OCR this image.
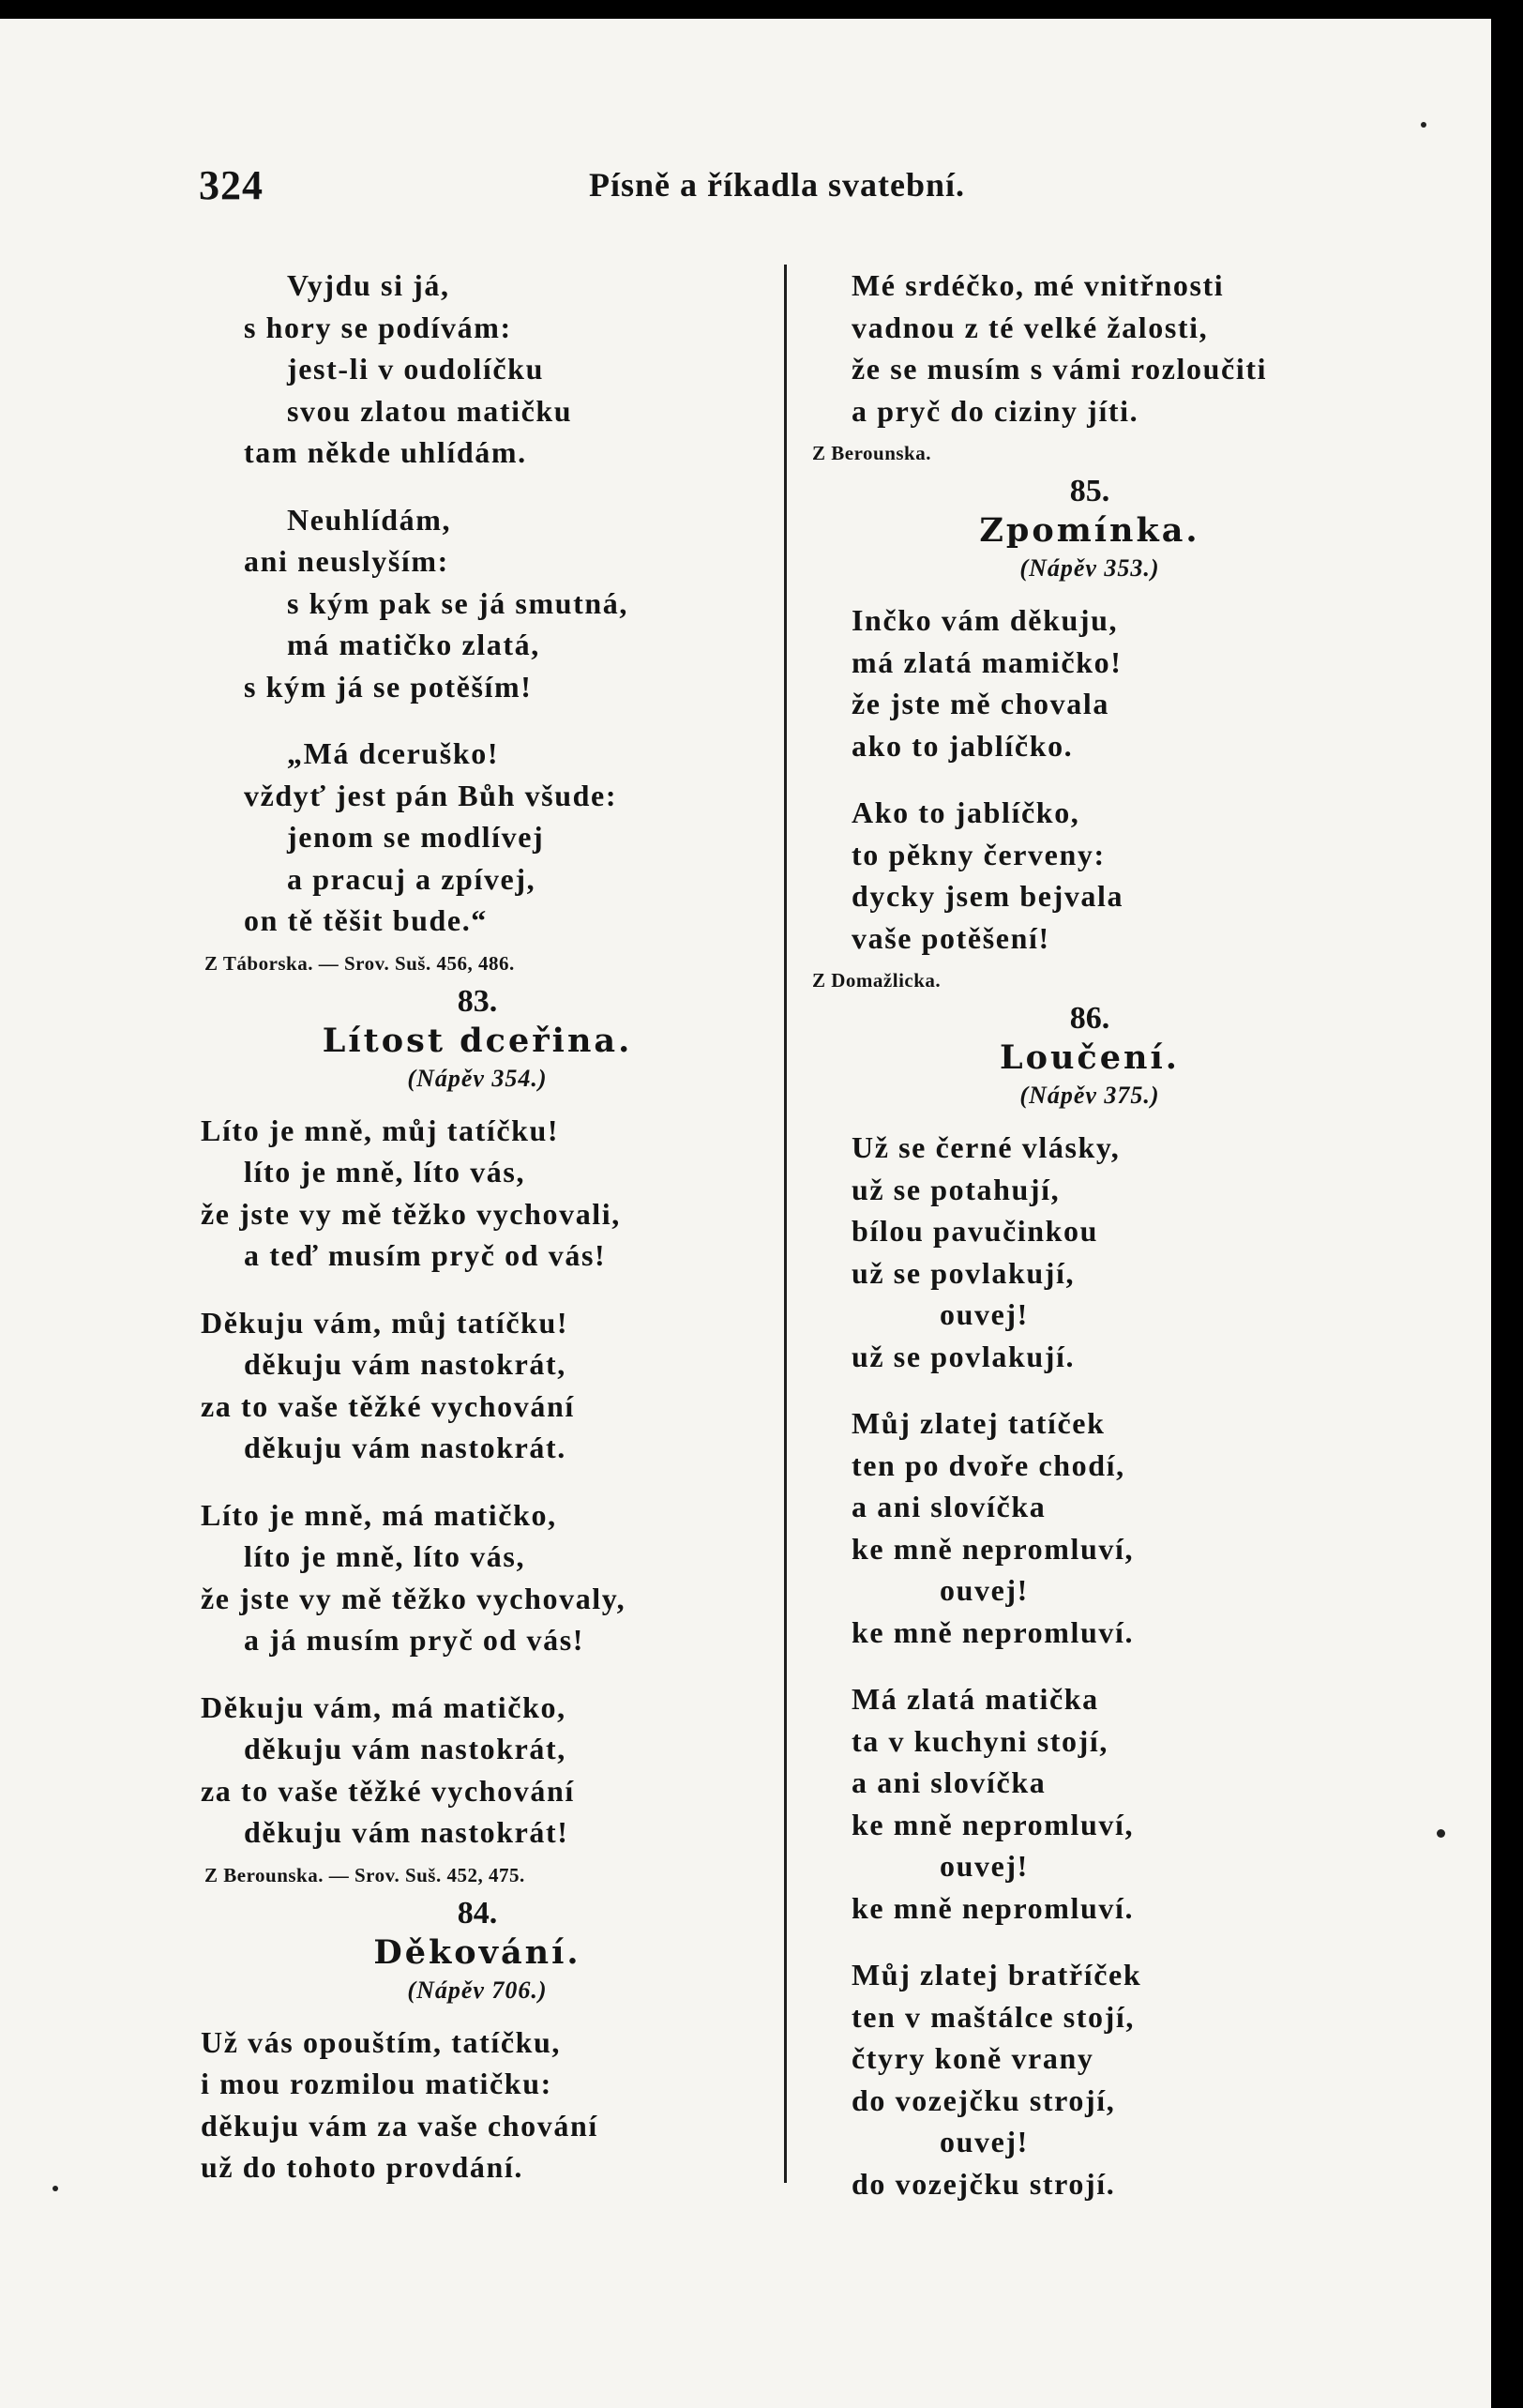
324	Písně a říkadla svatební.
Vyjdu si já,
s hory se podívám:
jest-li v oudolíčku
svou zlatou matičku
tam někde uhlídám.
Neuhlídám,
ani neuslyším:
s kým pak se já smutná,
má matičko zlatá,
s kým já se potěším!
„Má dceruško!
vždyť jest pán Bůh všude:
jenom se modlívej
a pracuj a zpívej,
on tě těšit bude.“
Z Táborska. — Srov. Suš. 456, 486.
83.
Lítost dceřina.
(Nápěv 354.)
Líto je mně, můj tatíčku!
líto je mně, líto vás,
že jste vy mě těžko vychovali,
a teď musím pryč od vás!
Děkuju vám, můj tatíčku!
děkuju vám nastokrát,
za to vaše těžké vychování
děkuju vám nastokrát.
Líto je mně, má matičko,
líto je mně, líto vás,
že jste vy mě těžko vychovaly,
a já musím pryč od vás!
Děkuju vám, má matičko,
děkuju vám nastokrát,
za to vaše těžké vychování
děkuju vám nastokrát!
Z Berounska. — Srov. Suš. 452, 475.
84.
Děkování.
(Nápěv 706.)
Už vás opouštím, tatíčku,
i mou rozmilou matičku:
děkuju vám za vaše chování
už do tohoto provdání.
Mé srdéčko, mé vnitřnosti
vadnou z té velké žalosti,
že se musím s vámi rozloučiti
a pryč do ciziny jíti.
Z Berounska.
85.
Zpomínka.
(Nápěv 353.)
Inčko vám děkuju,
má zlatá mamičko!
že jste mě chovala
ako to jablíčko.
Ako to jablíčko,
to pěkny červeny:
dycky jsem bejvala
vaše potěšení!
Z Domažlicka.
86.
Loučení.
(Nápěv 375.)
Už se černé vlásky,
už se potahují,
bílou pavučinkou
už se povlakují,
ouvej!
už se povlakují.
Můj zlatej tatíček
ten po dvoře chodí,
a ani slovíčka
ke mně nepromluví,
ouvej!
ke mně nepromluví.
Má zlatá matička
ta v kuchyni stojí,
a ani slovíčka
ke mně nepromluví,
ouvej!
ke mně nepromluví.
Můj zlatej bratříček
ten v maštálce stojí,
čtyry koně vrany
do vozejčku strojí,
ouvej!
do vozejčku strojí.
